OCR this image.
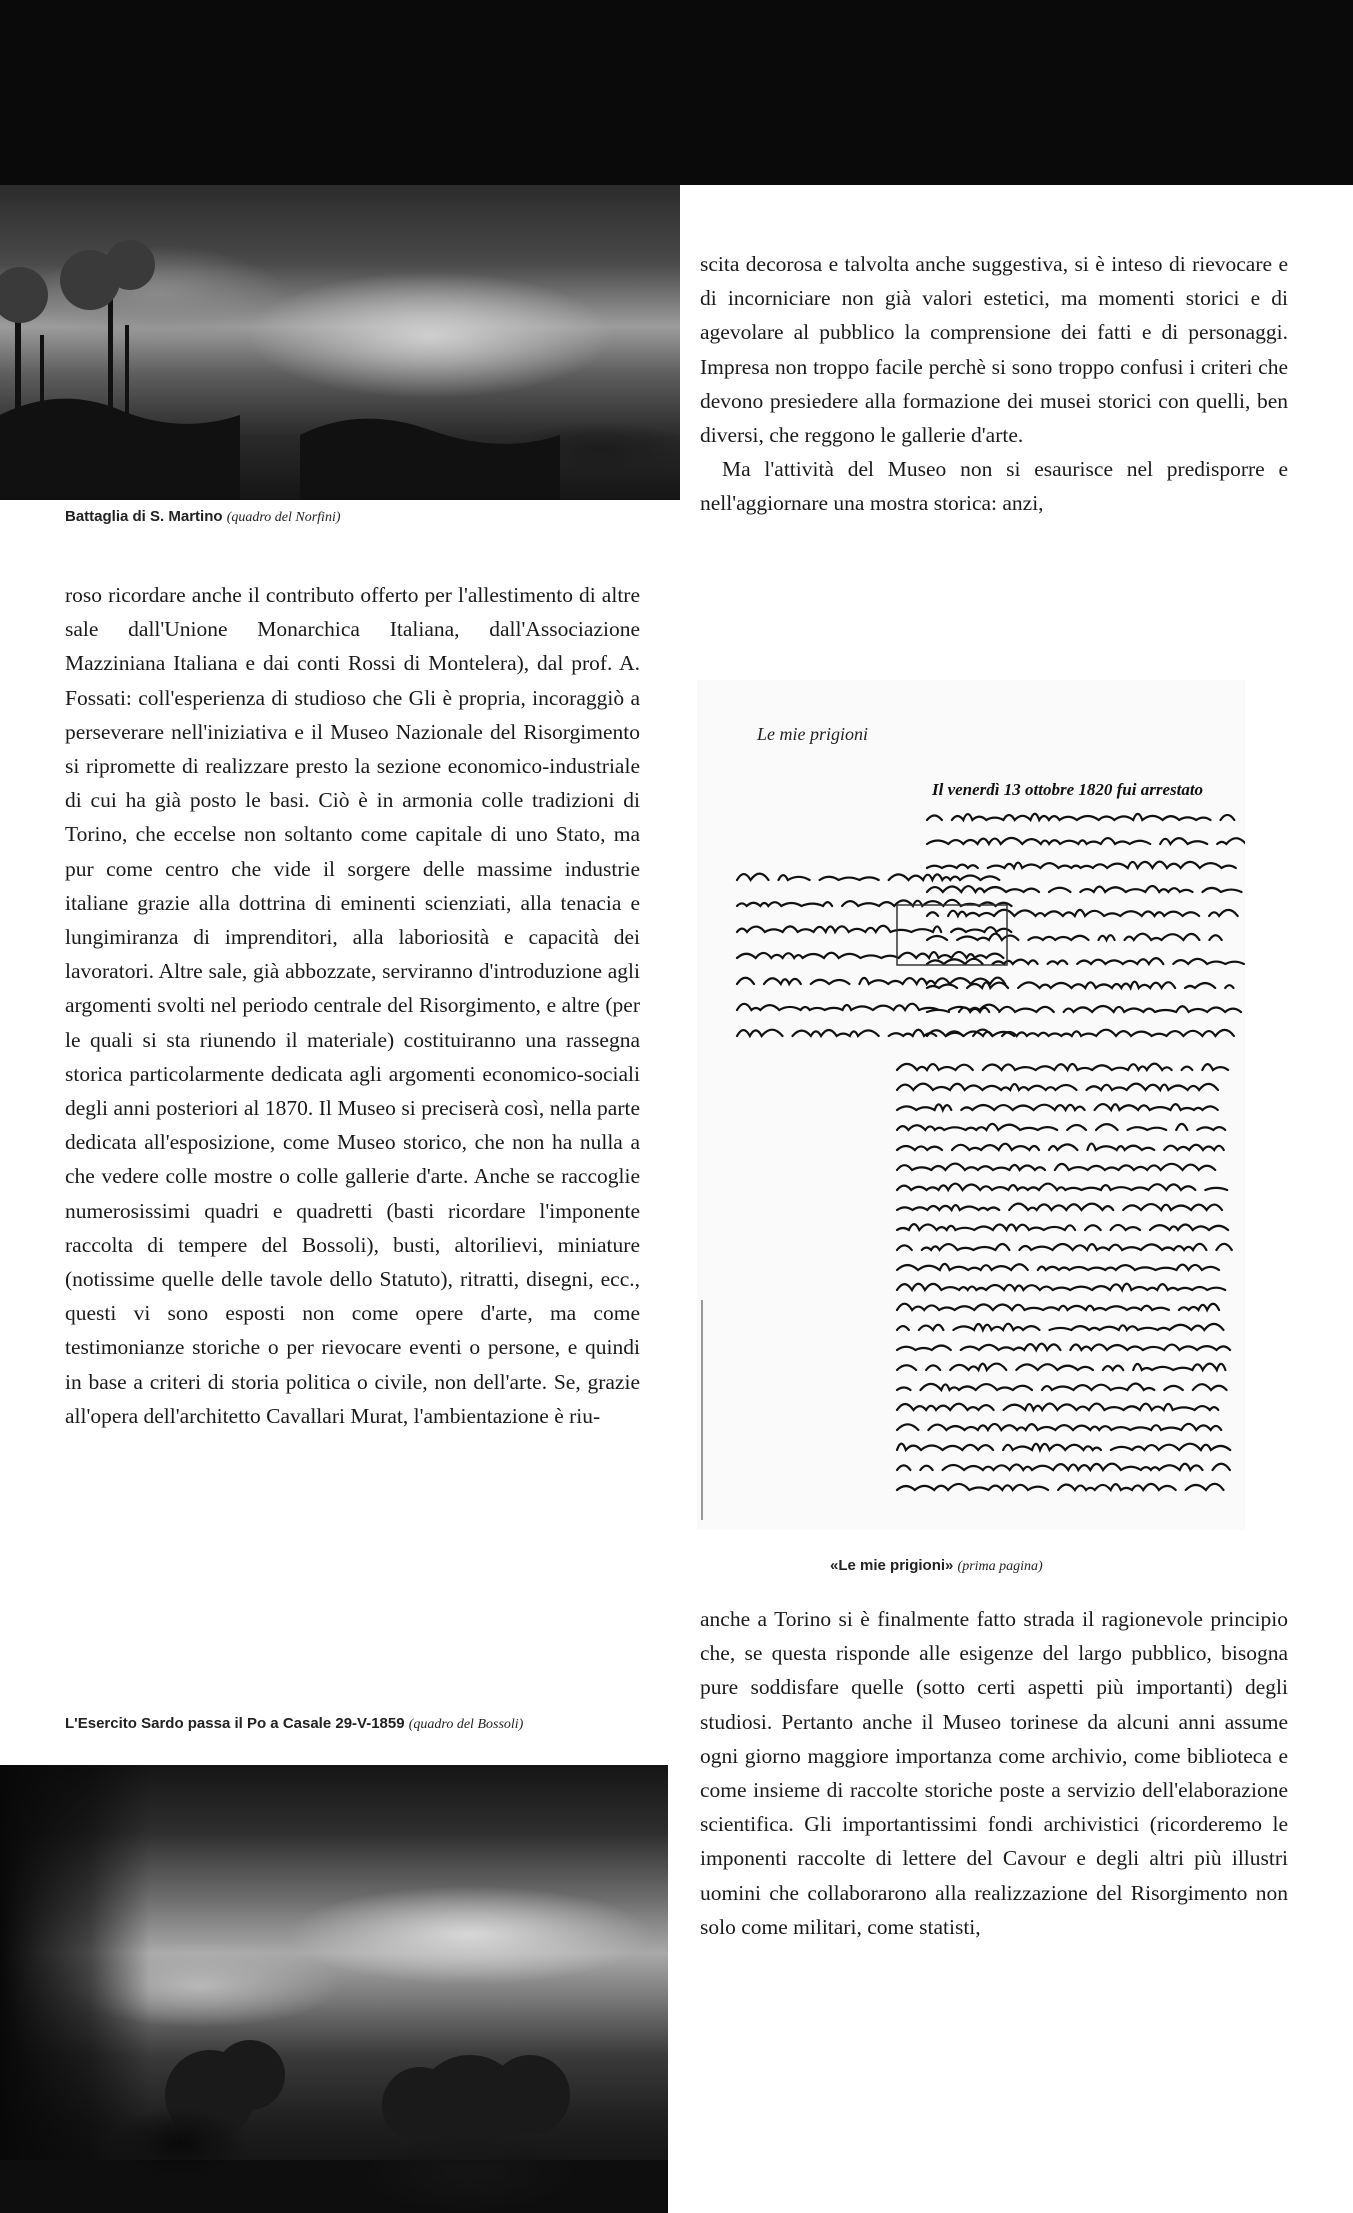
Battaglia di S. Martino (quadro del Norfini)

roso ricordare anche il contributo offerto per l'allestimento di altre sale dall'Unione Monarchica Italiana, dall'Associazione Mazziniana Italiana e dai conti Rossi di Montelera), dal prof. A. Fossati: coll'esperienza di studioso che Gli è propria, incoraggiò a perseverare nell'iniziativa e il Museo Nazionale del Risorgimento si ripromette di realizzare presto la sezione economico-industriale di cui ha già posto le basi. Ciò è in armonia colle tradizioni di Torino, che eccelse non soltanto come capitale di uno Stato, ma pur come centro che vide il sorgere delle massime industrie italiane grazie alla dottrina di eminenti scienziati, alla tenacia e lungimiranza di imprenditori, alla laboriosità e capacità dei lavoratori. Altre sale, già abbozzate, serviranno d'introduzione agli argomenti svolti nel periodo centrale del Risorgimento, e altre (per le quali si sta riunendo il materiale) costituiranno una rassegna storica particolarmente dedicata agli argomenti economico-sociali degli anni posteriori al 1870. Il Museo si preciserà così, nella parte dedicata all'esposizione, come Museo storico, che non ha nulla a che vedere colle mostre o colle gallerie d'arte. Anche se raccoglie numerosissimi quadri e quadretti (basti ricordare l'imponente raccolta di tempere del Bossoli), busti, altorilievi, miniature (notissime quelle delle tavole dello Statuto), ritratti, disegni, ecc., questi vi sono esposti non come opere d'arte, ma come testimonianze storiche o per rievocare eventi o persone, e quindi in base a criteri di storia politica o civile, non dell'arte. Se, grazie all'opera dell'architetto Cavallari Murat, l'ambientazione è riu-

L'Esercito Sardo passa il Po a Casale 29-V-1859 (quadro del Bossoli)

scita decorosa e talvolta anche suggestiva, si è inteso di rievocare e di incorniciare non già valori estetici, ma momenti storici e di agevolare al pubblico la comprensione dei fatti e di personaggi. Impresa non troppo facile perchè si sono troppo confusi i criteri che devono presiedere alla formazione dei musei storici con quelli, ben diversi, che reggono le gallerie d'arte.

Ma l'attività del Museo non si esaurisce nel predisporre e nell'aggiornare una mostra storica: anzi,

Le mie prigioni
Il venerdì 13 ottobre 1820 fui arrestato
«Le mie prigioni» (prima pagina)

anche a Torino si è finalmente fatto strada il ragionevole principio che, se questa risponde alle esigenze del largo pubblico, bisogna pure soddisfare quelle (sotto certi aspetti più importanti) degli studiosi. Pertanto anche il Museo torinese da alcuni anni assume ogni giorno maggiore importanza come archivio, come biblioteca e come insieme di raccolte storiche poste a servizio dell'elaborazione scientifica. Gli importantissimi fondi archivistici (ricorderemo le imponenti raccolte di lettere del Cavour e degli altri più illustri uomini che collaborarono alla realizzazione del Risorgimento non solo come militari, come statisti,
